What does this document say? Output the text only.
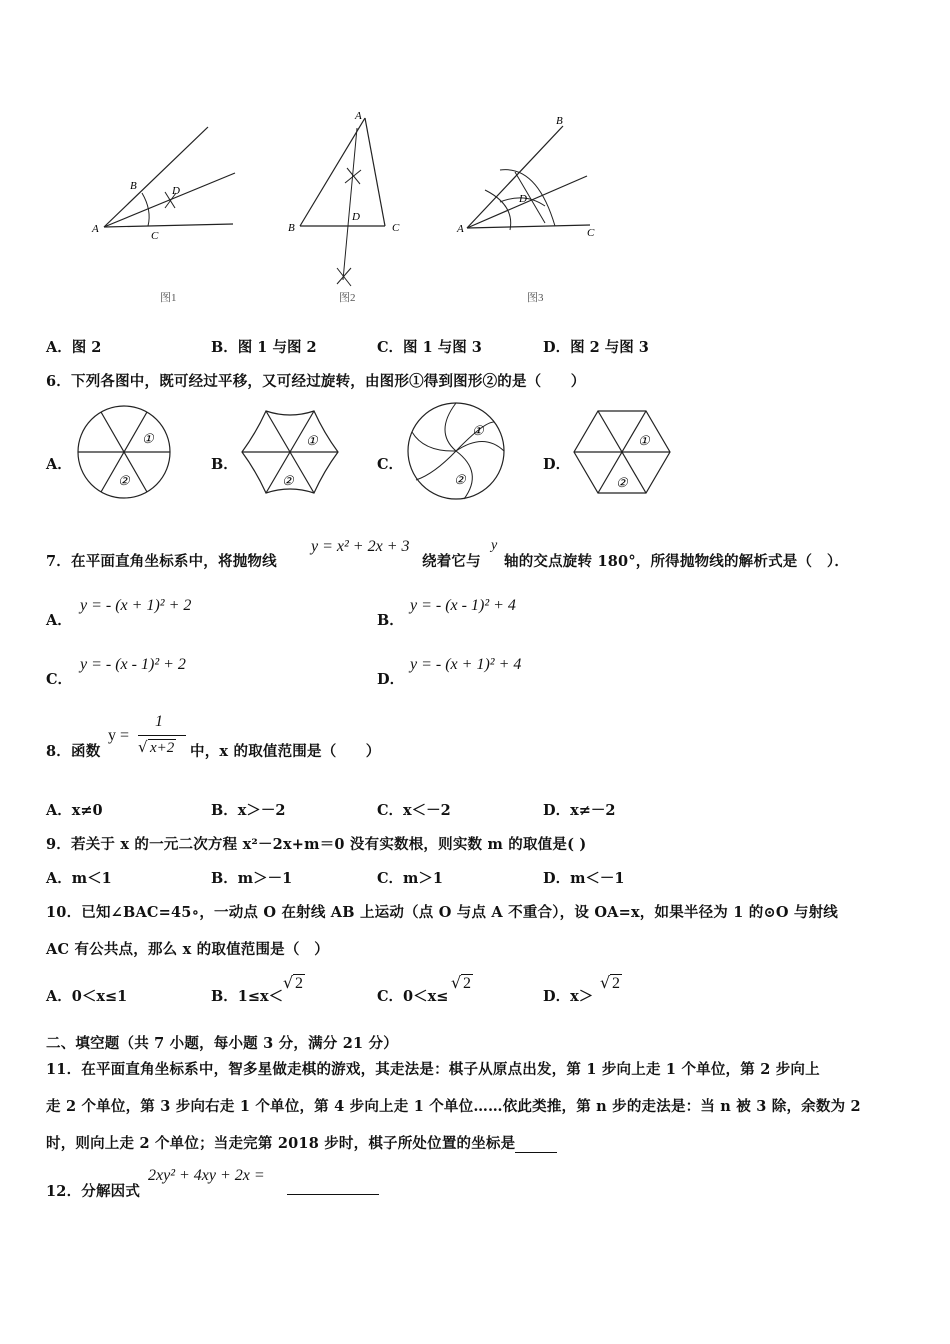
A
B
C
D
图1
A
B	C
D
图2
A
B
C
D
图3
A．图 2	B．图 1 与图 2	C．图 1 与图 3	D．图 2 与图 3
6．下列各图中，既可经过平移，又可经过旋转，由图形①得到图形②的是（　　）
A．
①
②
B．
①
②
C．
①
②
D．
①
②
7．在平面直角坐标系中，将抛物线
y = x² + 2x + 3
绕着它与
y
轴的交点旋转 180°，所得抛物线的解析式是（　）．
A．
y = - (x + 1)² + 2
B．
y = - (x - 1)² + 4
C．
y = - (x - 1)² + 2
D．
y = - (x + 1)² + 4
8．函数
y =
1
√ x+2 中，x 的取值范围是（　　）
A．x≠0	B．x＞－2	C．x＜－2	D．x≠－2
9．若关于 x 的一元二次方程 x²－2x+m＝0 没有实数根，则实数 m 的取值是( )
A．m＜1	B．m＞－1	C．m＞1	D．m＜－1
10．已知∠BAC=45∘，一动点 O 在射线 AB 上运动（点 O 与点 A 不重合），设 OA=x，如果半径为 1 的⊙O 与射线
AC 有公共点，那么 x 的取值范围是（　）
A．0＜x≤1	B．1≤x＜
√ 2
C．0＜x≤
√ 2
D．x＞
√ 2
二、填空题（共 7 小题，每小题 3 分，满分 21 分）
11．在平面直角坐标系中，智多星做走棋的游戏，其走法是：棋子从原点出发，第 1 步向上走 1 个单位，第 2 步向上
走 2 个单位，第 3 步向右走 1 个单位，第 4 步向上走 1 个单位……依此类推，第 n 步的走法是：当 n 被 3 除，余数为 2
时，则向上走 2 个单位；当走完第 2018 步时，棋子所处位置的坐标是
12．分解因式
2xy² + 4xy + 2x =
